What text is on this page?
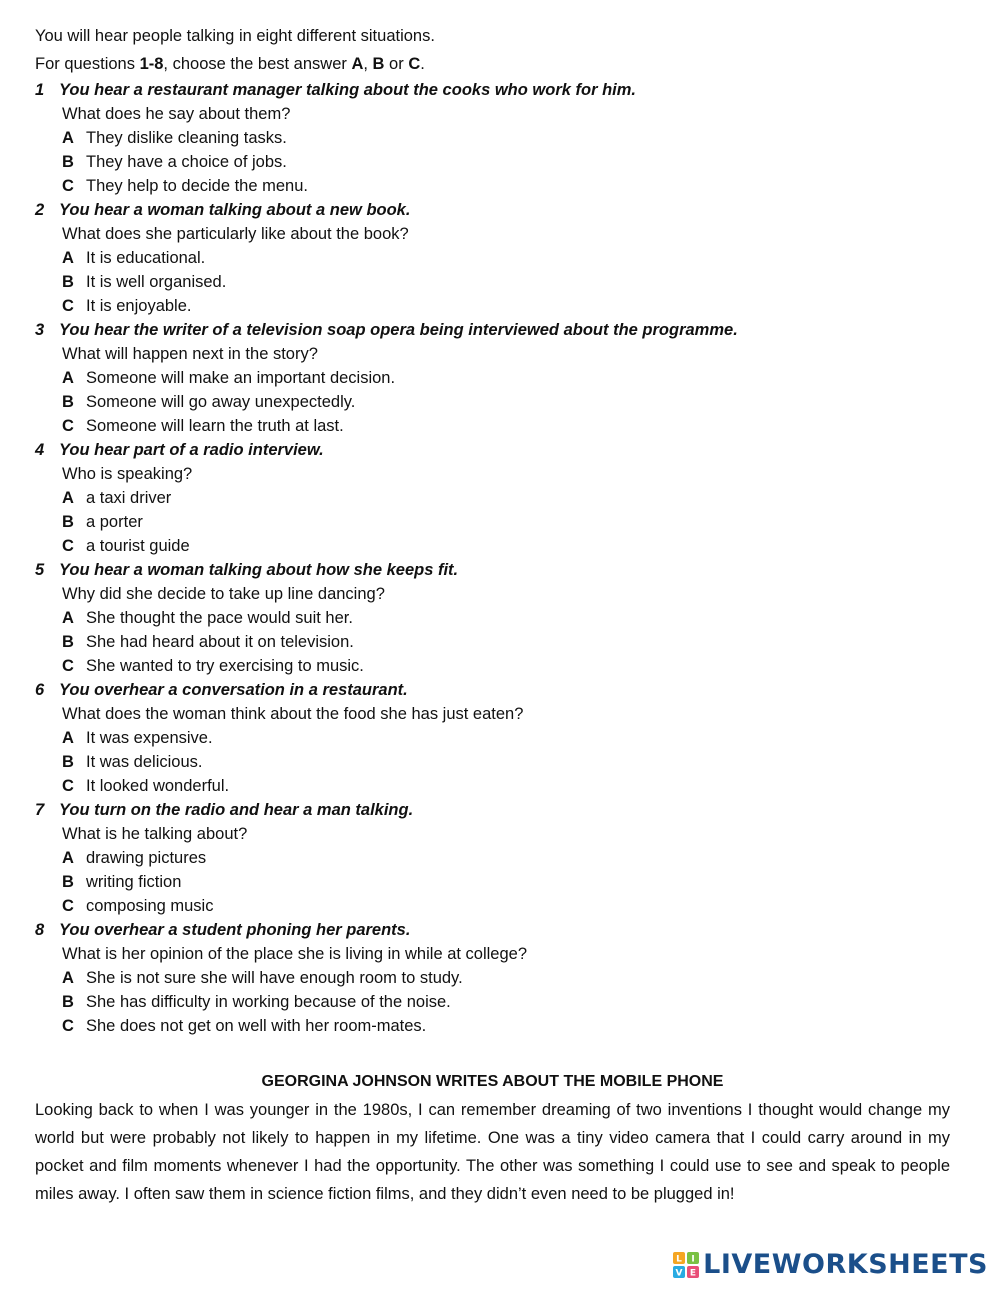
You will hear people talking in eight different situations.
For questions 1-8, choose the best answer A, B or C.
1 You hear a restaurant manager talking about the cooks who work for him.
What does he say about them?
A They dislike cleaning tasks.
B They have a choice of jobs.
C They help to decide the menu.
2 You hear a woman talking about a new book.
What does she particularly like about the book?
A It is educational.
B It is well organised.
C It is enjoyable.
3 You hear the writer of a television soap opera being interviewed about the programme.
What will happen next in the story?
A Someone will make an important decision.
B Someone will go away unexpectedly.
C Someone will learn the truth at last.
4 You hear part of a radio interview.
Who is speaking?
A a taxi driver
B a porter
C a tourist guide
5 You hear a woman talking about how she keeps fit.
Why did she decide to take up line dancing?
A She thought the pace would suit her.
B She had heard about it on television.
C She wanted to try exercising to music.
6 You overhear a conversation in a restaurant.
What does the woman think about the food she has just eaten?
A It was expensive.
B It was delicious.
C It looked wonderful.
7 You turn on the radio and hear a man talking.
What is he talking about?
A drawing pictures
B writing fiction
C composing music
8 You overhear a student phoning her parents.
What is her opinion of the place she is living in while at college?
A She is not sure she will have enough room to study.
B She has difficulty in working because of the noise.
C She does not get on well with her room-mates.
GEORGINA JOHNSON WRITES ABOUT THE MOBILE PHONE
Looking back to when I was younger in the 1980s, I can remember dreaming of two inventions I thought would change my world but were probably not likely to happen in my lifetime. One was a tiny video camera that I could carry around in my pocket and film moments whenever I had the opportunity. The other was something I could use to see and speak to people miles away. I often saw them in science fiction films, and they didn’t even need to be plugged in!
L I
V E LIVEWORKSHEETS
